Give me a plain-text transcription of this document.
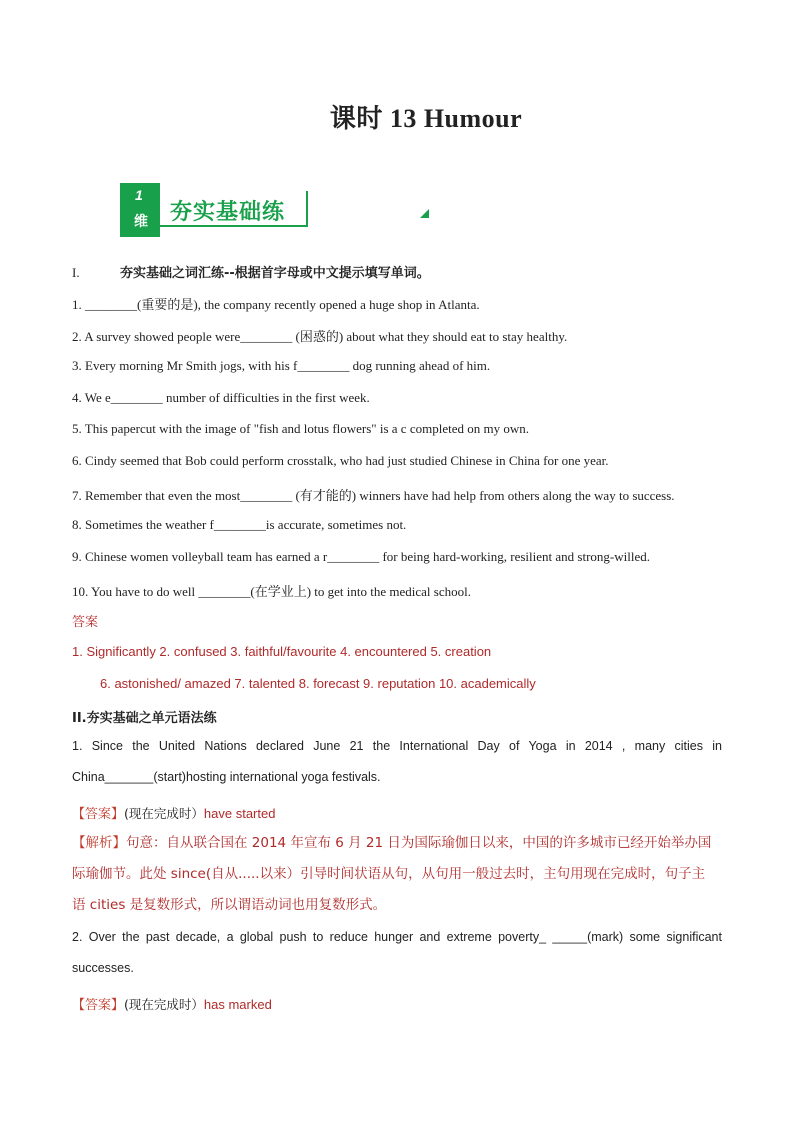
课时 13 Humour
1
维 夯实基础练
I.	夯实基础之词汇练--根据首字母或中文提示填写单词。
1. ________(重要的是), the company recently opened a huge shop in Atlanta.
2. A survey showed people were________ (困惑的) about what they should eat to stay healthy.
3. Every morning Mr Smith jogs, with his f________ dog running ahead of him.
4. We e________ number of difficulties in the first week.
5. This papercut with the image of "fish and lotus flowers" is a c completed on my own.
6. Cindy seemed that Bob could perform crosstalk, who had just studied Chinese in China for one year.
7. Remember that even the most________ (有才能的) winners have had help from others along the way to success.
8. Sometimes the weather f________is accurate, sometimes not.
9. Chinese women volleyball team has earned a r________ for being hard-working, resilient and strong-willed.
10. You have to do well ________(在学业上) to get into the medical school.
答案
1. Significantly 2. confused 3. faithful/favourite 4. encountered 5. creation
6. astonished/ amazed 7. talented 8. forecast 9. reputation 10. academically
II.夯实基础之单元语法练
1. Since the United Nations declared June 21 the International Day of Yoga in 2014 , many cities in
China_______(start)hosting international yoga festivals.
【答案】(现在完成时）have started
【解析】句意：自从联合国在 2014 年宣布 6 月 21 日为国际瑜伽日以来，中国的许多城市已经开始举办国
际瑜伽节。此处 since(自从.....以来）引导时间状语从句，从句用一般过去时，主句用现在完成时，句子主
语 cities 是复数形式，所以谓语动词也用复数形式。
2. Over the past decade, a global push to reduce hunger and extreme poverty_ _____(mark) some significant
successes.
【答案】(现在完成时）has marked
